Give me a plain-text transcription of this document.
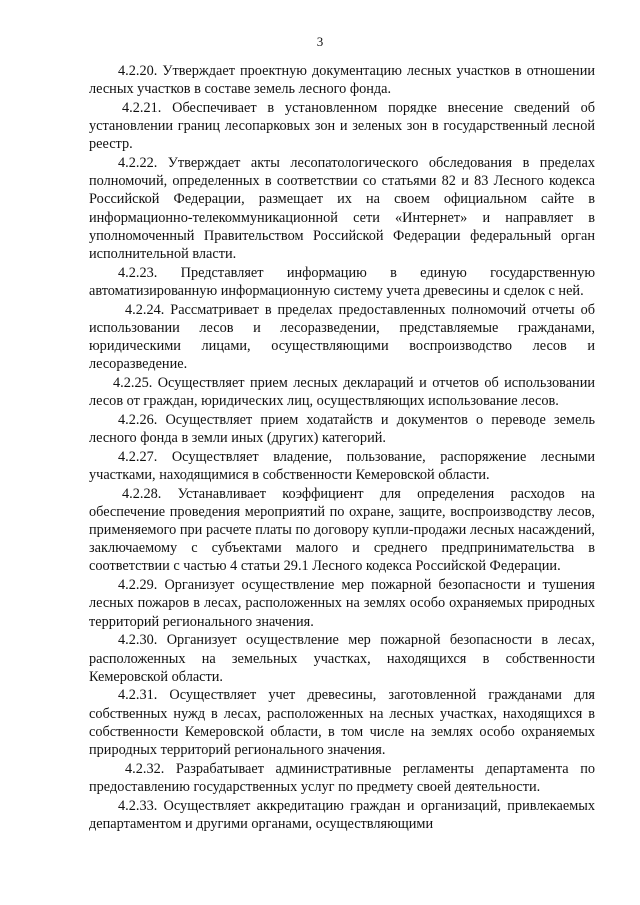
3

4.2.20. Утверждает проектную документацию лесных участков в отношении лесных участков в составе земель лесного фонда.

4.2.21. Обеспечивает в установленном порядке внесение сведений об установлении границ лесопарковых зон и зеленых зон в государственный лесной реестр.

4.2.22. Утверждает акты лесопатологического обследования в пределах полномочий, определенных в соответствии со статьями 82 и 83 Лесного кодекса Российской Федерации, размещает их на своем официальном сайте в информационно-телекоммуникационной сети «Интернет» и направляет в уполномоченный Правительством Российской Федерации федеральный орган исполнительной власти.

4.2.23. Представляет информацию в единую государственную автоматизированную информационную систему учета древесины и сделок с ней.

4.2.24. Рассматривает в пределах предоставленных полномочий отчеты об использовании лесов и лесоразведении, представляемые гражданами, юридическими лицами, осуществляющими воспроизводство лесов и лесоразведение.

4.2.25. Осуществляет прием лесных деклараций и отчетов об использовании лесов от граждан, юридических лиц, осуществляющих использование лесов.

4.2.26. Осуществляет прием ходатайств и документов о переводе земель лесного фонда в земли иных (других) категорий.

4.2.27. Осуществляет владение, пользование, распоряжение лесными участками, находящимися в собственности Кемеровской области.

4.2.28. Устанавливает коэффициент для определения расходов на обеспечение проведения мероприятий по охране, защите, воспроизводству лесов, применяемого при расчете платы по договору купли-продажи лесных насаждений, заключаемому с субъектами малого и среднего предпринимательства в соответствии с частью 4 статьи 29.1 Лесного кодекса Российской Федерации.

4.2.29. Организует осуществление мер пожарной безопасности и тушения лесных пожаров в лесах, расположенных на землях особо охраняемых природных территорий регионального значения.

4.2.30. Организует осуществление мер пожарной безопасности в лесах, расположенных на земельных участках, находящихся в собственности Кемеровской области.

4.2.31. Осуществляет учет древесины, заготовленной гражданами для собственных нужд в лесах, расположенных на лесных участках, находящихся в собственности Кемеровской области, в том числе на землях особо охраняемых природных территорий регионального значения.

4.2.32. Разрабатывает административные регламенты департамента по предоставлению государственных услуг по предмету своей деятельности.

4.2.33. Осуществляет аккредитацию граждан и организаций, привлекаемых департаментом и другими органами, осуществляющими
